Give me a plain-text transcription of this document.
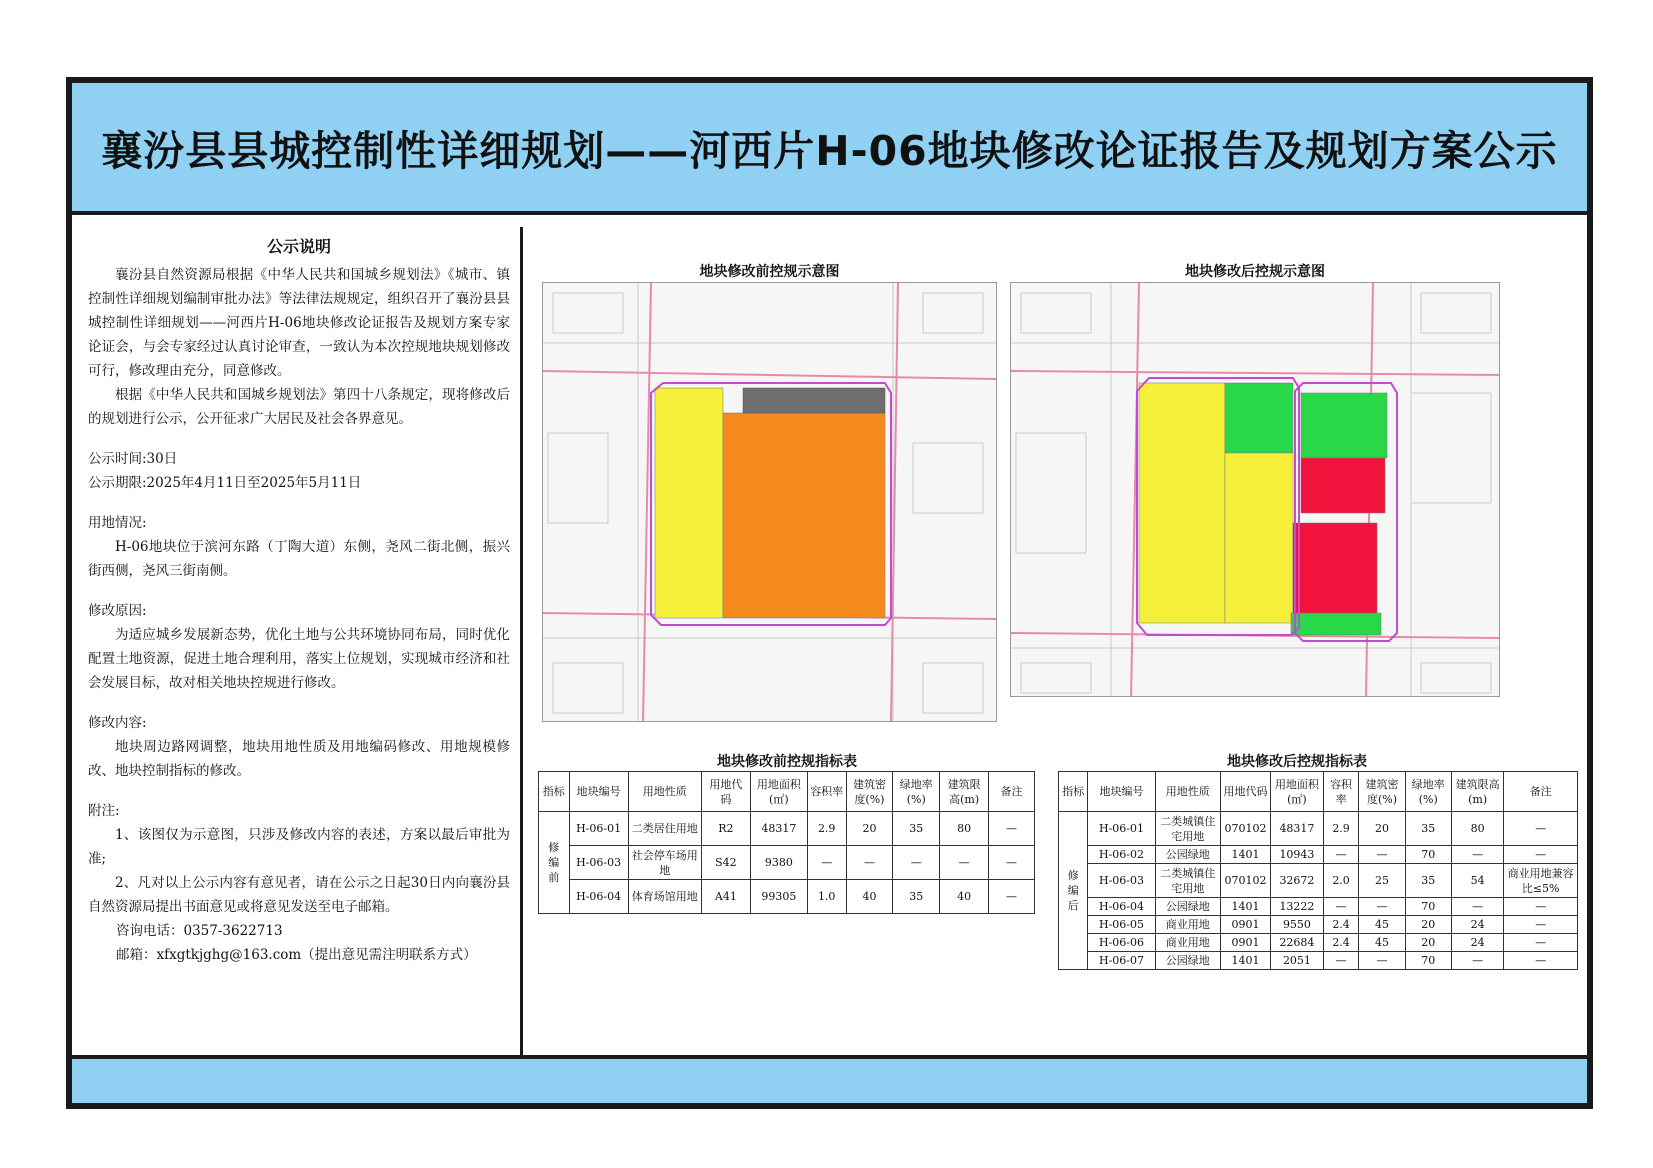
襄汾县县城控制性详细规划——河西片H-06地块修改论证报告及规划方案公示
公示说明

襄汾县自然资源局根据《中华人民共和国城乡规划法》《城市、镇控制性详细规划编制审批办法》等法律法规规定，组织召开了襄汾县县城控制性详细规划——河西片H-06地块修改论证报告及规划方案专家论证会，与会专家经过认真讨论审查，一致认为本次控规地块规划修改可行，修改理由充分，同意修改。

根据《中华人民共和国城乡规划法》第四十八条规定，现将修改后的规划进行公示，公开征求广大居民及社会各界意见。

公示时间:30日

公示期限:2025年4月11日至2025年5月11日

用地情况:

H-06地块位于滨河东路（丁陶大道）东侧，尧风二街北侧，振兴街西侧，尧风三街南侧。

修改原因:

为适应城乡发展新态势，优化土地与公共环境协同布局，同时优化配置土地资源，促进土地合理利用，落实上位规划，实现城市经济和社会发展目标，故对相关地块控规进行修改。

修改内容:

地块周边路网调整，地块用地性质及用地编码修改、用地规模修改、地块控制指标的修改。

附注:

1、该图仅为示意图，只涉及修改内容的表述，方案以最后审批为准;

2、凡对以上公示内容有意见者，请在公示之日起30日内向襄汾县自然资源局提出书面意见或将意见发送至电子邮箱。

咨询电话：0357-3622713

邮箱：xfxgtkjghg@163.com（提出意见需注明联系方式）

地块修改前控规示意图	地块修改后控规示意图
地块修改前控规指标表
指标	地块编号	用地性质	用地代码	用地面积(㎡)	容积率	建筑密度(%)	绿地率(%)	建筑限高(m)	备注
修编前	H-06-01	二类居住用地	R2	48317	2.9	20	35	80	—
	H-06-03	社会停车场用地	S42	9380	—	—	—	—	—
	H-06-04	体育场馆用地	A41	99305	1.0	40	35	40	—
地块修改后控规指标表
指标	地块编号	用地性质	用地代码	用地面积(㎡)	容积率	建筑密度(%)	绿地率(%)	建筑限高(m)	备注
修编后	H-06-01	二类城镇住宅用地	070102	48317	2.9	20	35	80	—
	H-06-02	公园绿地	1401	10943	—	—	70	—	—
	H-06-03	二类城镇住宅用地	070102	32672	2.0	25	35	54	商业用地兼容比≤5%
	H-06-04	公园绿地	1401	13222	—	—	70	—	—
	H-06-05	商业用地	0901	9550	2.4	45	20	24	—
	H-06-06	商业用地	0901	22684	2.4	45	20	24	—
	H-06-07	公园绿地	1401	2051	—	—	70	—	—
